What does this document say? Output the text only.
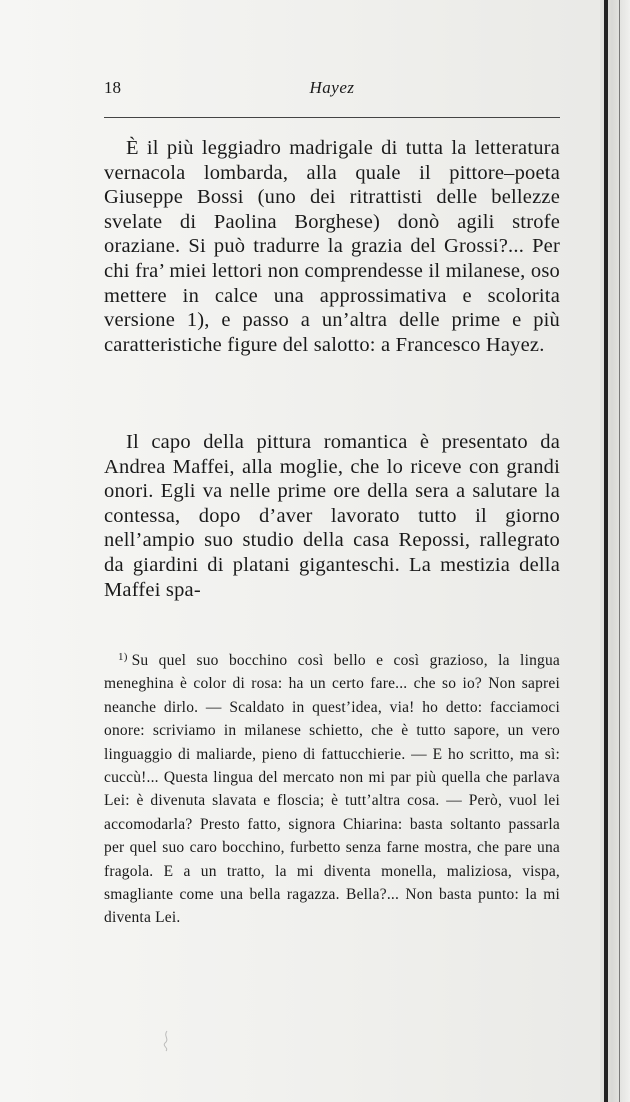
18	Hayez

È il più leggiadro madrigale di tutta la letteratura vernacola lombarda, alla quale il pittore–poeta Giuseppe Bossi (uno dei ritrattisti delle bellezze svelate di Paolina Borghese) donò agili strofe oraziane. Si può tradurre la grazia del Grossi?... Per chi fra’ miei lettori non comprendesse il milanese, oso mettere in calce una approssimativa e scolorita versione 1), e passo a un’altra delle prime e più caratteristiche figure del salotto: a Francesco Hayez.

Il capo della pittura romantica è presentato da Andrea Maffei, alla moglie, che lo riceve con grandi onori. Egli va nelle prime ore della sera a salutare la contessa, dopo d’aver lavorato tutto il giorno nell’ampio suo studio della casa Repossi, rallegrato da giardini di platani giganteschi. La mestizia della Maffei spa-

$^{1)}$ Su quel suo bocchino così bello e così grazioso, la lingua meneghina è color di rosa: ha un certo fare... che so io? Non saprei neanche dirlo. — Scaldato in quest’idea, via! ho detto: facciamoci onore: scriviamo in milanese schietto, che è tutto sapore, un vero linguaggio di maliarde, pieno di fattucchierie. — E ho scritto, ma sì: cuccù!... Questa lingua del mercato non mi par più quella che parlava Lei: è divenuta slavata e floscia; è tutt’altra cosa. — Però, vuol lei accomodarla? Presto fatto, signora Chiarina: basta soltanto passarla per quel suo caro bocchino, furbetto senza farne mostra, che pare una fragola. E a un tratto, la mi diventa monella, maliziosa, vispa, smagliante come una bella ragazza. Bella?... Non basta punto: la mi diventa Lei.
